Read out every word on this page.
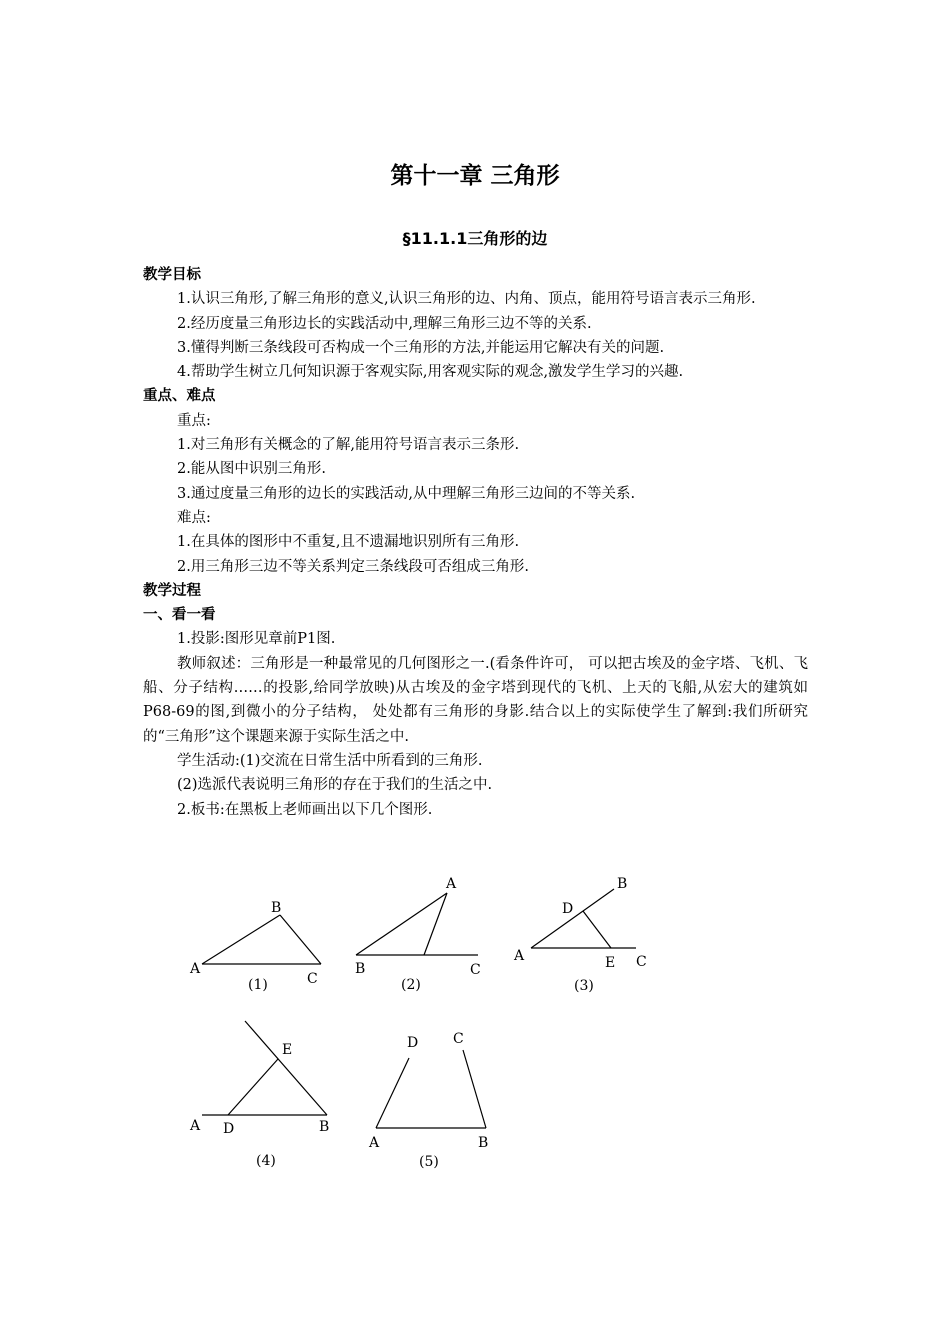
第十一章 三角形
§11.1.1三角形的边

教学目标

1.认识三角形,了解三角形的意义,认识三角形的边、内角、顶点，能用符号语言表示三角形.

2.经历度量三角形边长的实践活动中,理解三角形三边不等的关系.

3.懂得判断三条线段可否构成一个三角形的方法,并能运用它解决有关的问题.

4.帮助学生树立几何知识源于客观实际,用客观实际的观念,激发学生学习的兴趣.

重点、难点

重点:

1.对三角形有关概念的了解,能用符号语言表示三条形.

2.能从图中识别三角形.

3.通过度量三角形的边长的实践活动,从中理解三角形三边间的不等关系.

难点:

1.在具体的图形中不重复,且不遗漏地识别所有三角形.

2.用三角形三边不等关系判定三条线段可否组成三角形.

教学过程

一、看一看

1.投影:图形见章前P1图.

教师叙述：三角形是一种最常见的几何图形之一.(看条件许可， 可以把古埃及的金字塔、飞机、飞船、分子结构……的投影,给同学放映)从古埃及的金字塔到现代的飞机、上天的飞船,从宏大的建筑如P68-69的图,到微小的分子结构， 处处都有三角形的身影.结合以上的实际使学生了解到:我们所研究的“三角形”这个课题来源于实际生活之中.

学生活动:(1)交流在日常生活中所看到的三角形.

(2)选派代表说明三角形的存在于我们的生活之中.

2.板书:在黑板上老师画出以下几个图形.

A
B
C
(1)
A
B	C
(2)
A
B
C
D
E
(3)
A	B
D
E
(4)
A	B
C
D
(5)
